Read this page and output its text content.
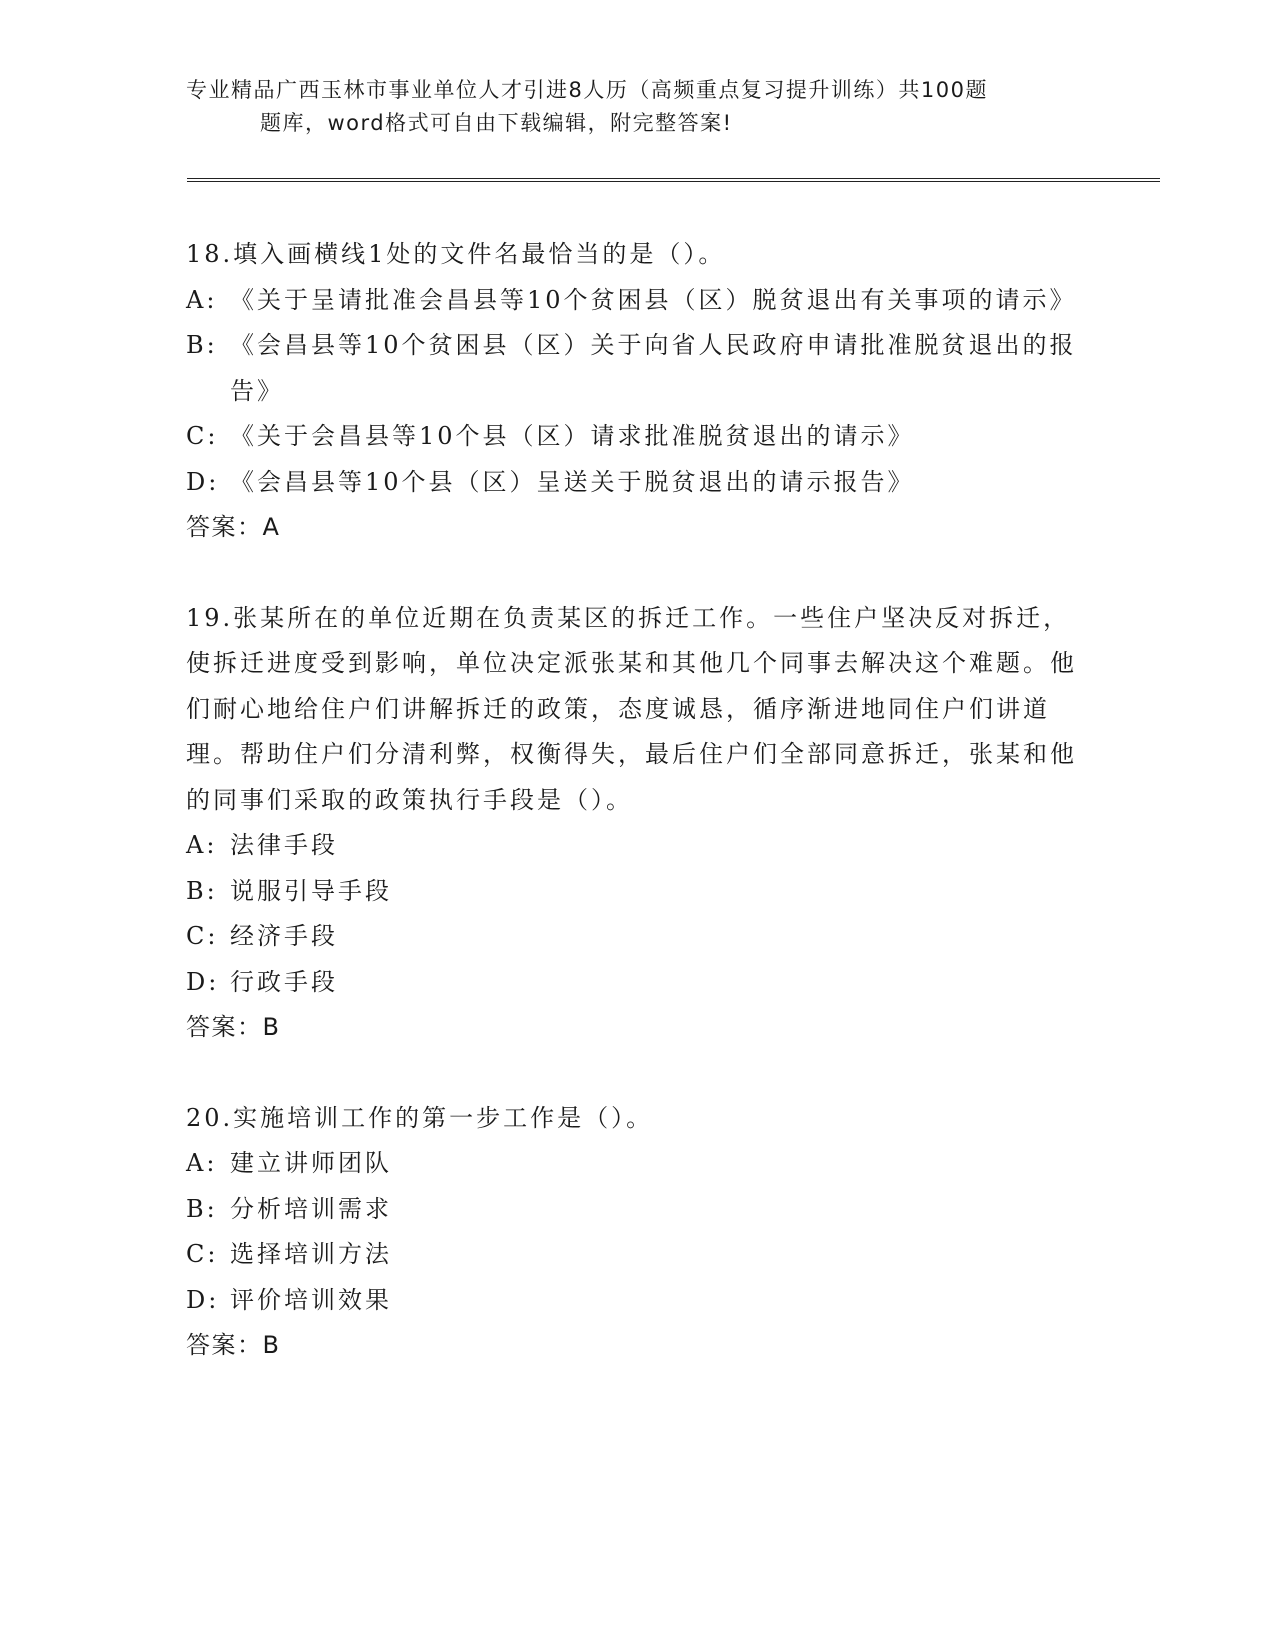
专业精品广西玉林市事业单位人才引进8人历（高频重点复习提升训练）共100题
题库，word格式可自由下载编辑，附完整答案!
18.填入画横线1处的文件名最恰当的是（）。
A: 《关于呈请批准会昌县等10个贫困县（区）脱贫退出有关事项的请示》
B: 《会昌县等10个贫困县（区）关于向省人民政府申请批准脱贫退出的报告》
C: 《关于会昌县等10个县（区）请求批准脱贫退出的请示》
D: 《会昌县等10个县（区）呈送关于脱贫退出的请示报告》
答案：A
19.张某所在的单位近期在负责某区的拆迁工作。一些住户坚决反对拆迁，使拆迁进度受到影响，单位决定派张某和其他几个同事去解决这个难题。他们耐心地给住户们讲解拆迁的政策，态度诚恳，循序渐进地同住户们讲道理。帮助住户们分清利弊，权衡得失，最后住户们全部同意拆迁，张某和他的同事们采取的政策执行手段是（）。
A: 法律手段
B: 说服引导手段
C: 经济手段
D: 行政手段
答案：B
20.实施培训工作的第一步工作是（）。
A: 建立讲师团队
B: 分析培训需求
C: 选择培训方法
D: 评价培训效果
答案：B
